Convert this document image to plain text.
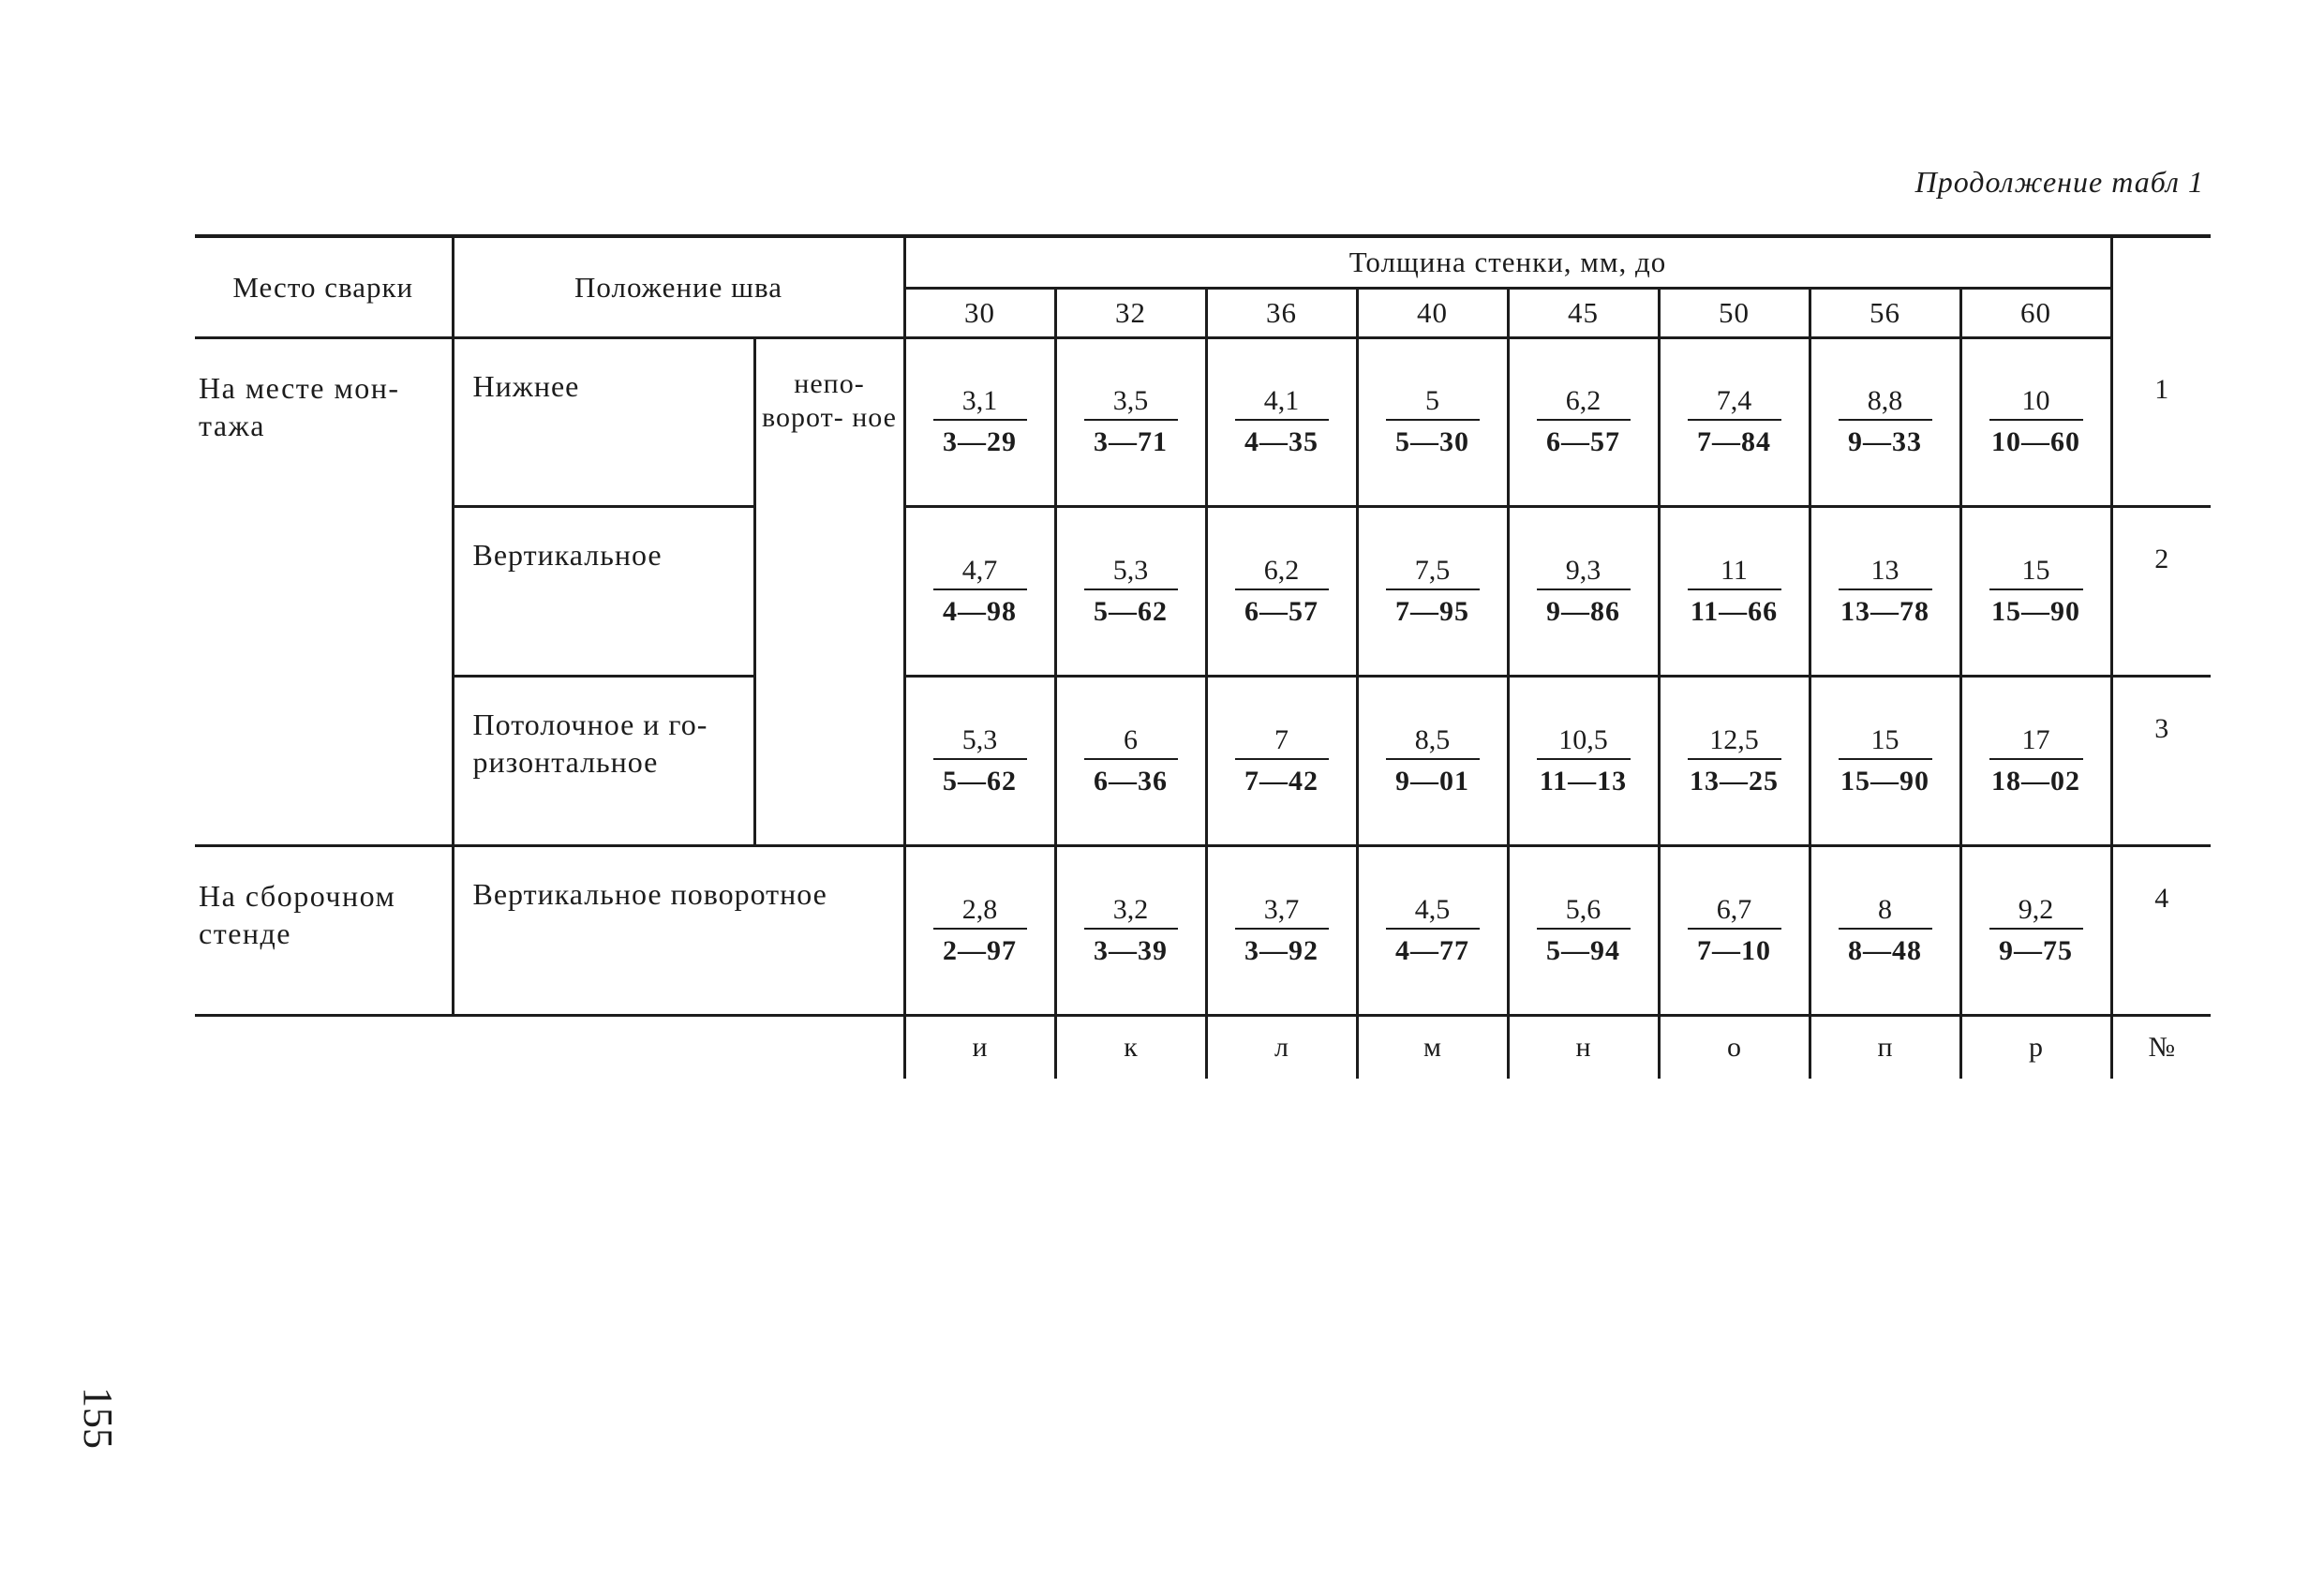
Продолжение табл 1
Место сварки	Положение шва		Толщина стенки, мм, до								
			30	32	36	40	45	50	56	60	
На месте мон- тажа	Нижнее	непо- ворот- ное	$\frac{3,1}{3—29}$	$\frac{3,5}{3—71}$	$\frac{4,1}{4—35}$	$\frac{5}{5—30}$	$\frac{6,2}{6—57}$	$\frac{7,4}{7—84}$	$\frac{8,8}{9—33}$	$\frac{10}{10—60}$	1
	Вертикальное		$\frac{4,7}{4—98}$	$\frac{5,3}{5—62}$	$\frac{6,2}{6—57}$	$\frac{7,5}{7—95}$	$\frac{9,3}{9—86}$	$\frac{11}{11—66}$	$\frac{13}{13—78}$	$\frac{15}{15—90}$	2
	Потолочное и го- ризонтальное		$\frac{5,3}{5—62}$	$\frac{6}{6—36}$	$\frac{7}{7—42}$	$\frac{8,5}{9—01}$	$\frac{10,5}{11—13}$	$\frac{12,5}{13—25}$	$\frac{15}{15—90}$	$\frac{17}{18—02}$	3
На сборочном стенде	Вертикальное поворотное		$\frac{2,8}{2—97}$	$\frac{3,2}{3—39}$	$\frac{3,7}{3—92}$	$\frac{4,5}{4—77}$	$\frac{5,6}{5—94}$	$\frac{6,7}{7—10}$	$\frac{8}{8—48}$	$\frac{9,2}{9—75}$	4
			и	к	л	м	н	о	п	р	№
155
